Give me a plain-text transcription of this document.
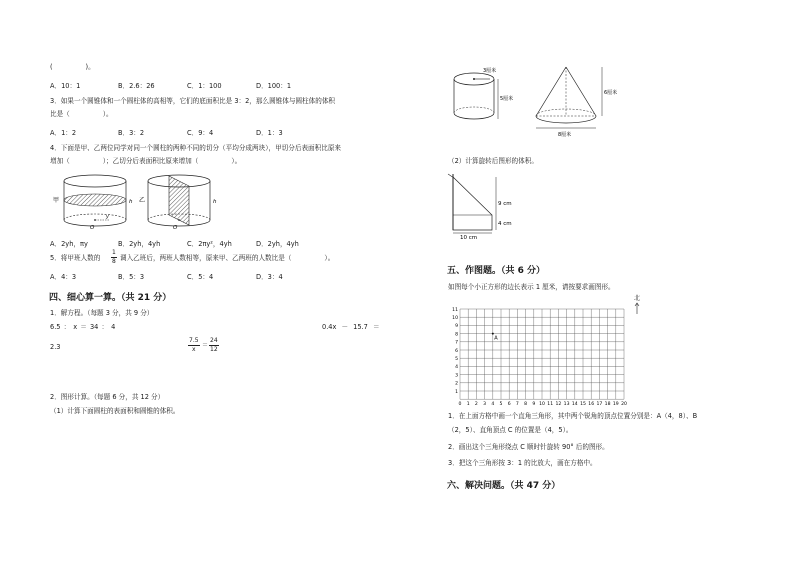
(　　　　　)。
A．10：1	B．2.6：26	C．1：100	D．100：1
3．如果一个圆锥体和一个圆柱体的高相等，它们的底面积比是 3：2，那么圆锥体与圆柱体的体积
比是（　　　　　）。
A．1：2	B．3：2	C．9：4	D．1：3
4．下面是甲、乙两位同学对同一个圆柱的两种不同的切分（平均分成两块），甲切分后表面积比原来
增加（　　　　　）；乙切分后表面积比原来增加（　　　　　）。
甲	h
O
y
乙	h
O
A．2yh，πy	B．2yh，4yh	C．2πy²，4yh	D．2yh，4yh
5．将甲班人数的 $\frac{1}{8}$ 调入乙班后，两班人数相等，原来甲、乙两班的人数比是（　　　　　）。
A．4：3	B．5：3	C．5：4	D．3：4
四、细心算一算。（共 21 分）
1．解方程。（每题 3 分，共 9 分）
6.5 ： x ＝ 34 ： 4	0.4x － 15.7 ＝
2.3	$\frac{7.5}{x} = \frac{24}{12}$
2．图形计算。（每题 6 分，共 12 分）
（1）计算下面圆柱的表面积和圆锥的体积。
3厘米
5厘米
6厘米
8厘米
（2）计算旋转后图形的体积。
9 cm
4 cm
10 cm
五、作图题。（共 6 分）
如图每个小正方形的边长表示 1 厘米，请按要求画图形。
北
0 1 2 3 4 5 6 7 8 9 10 11 12 13 14 15 16 17 18 19 20
1
2
3
4
5
6
7
8
9
10
11
A
1．在上面方格中画一个直角三角形，其中两个锐角的顶点位置分别是：A（4，8）、B
（2，5）、直角顶点 C 的位置是（4，5）。
2．画出这个三角形绕点 C 顺时针旋转 90° 后的图形。
3．把这个三角形按 3：1 的比放大，画在方格中。
六、解决问题。（共 47 分）
